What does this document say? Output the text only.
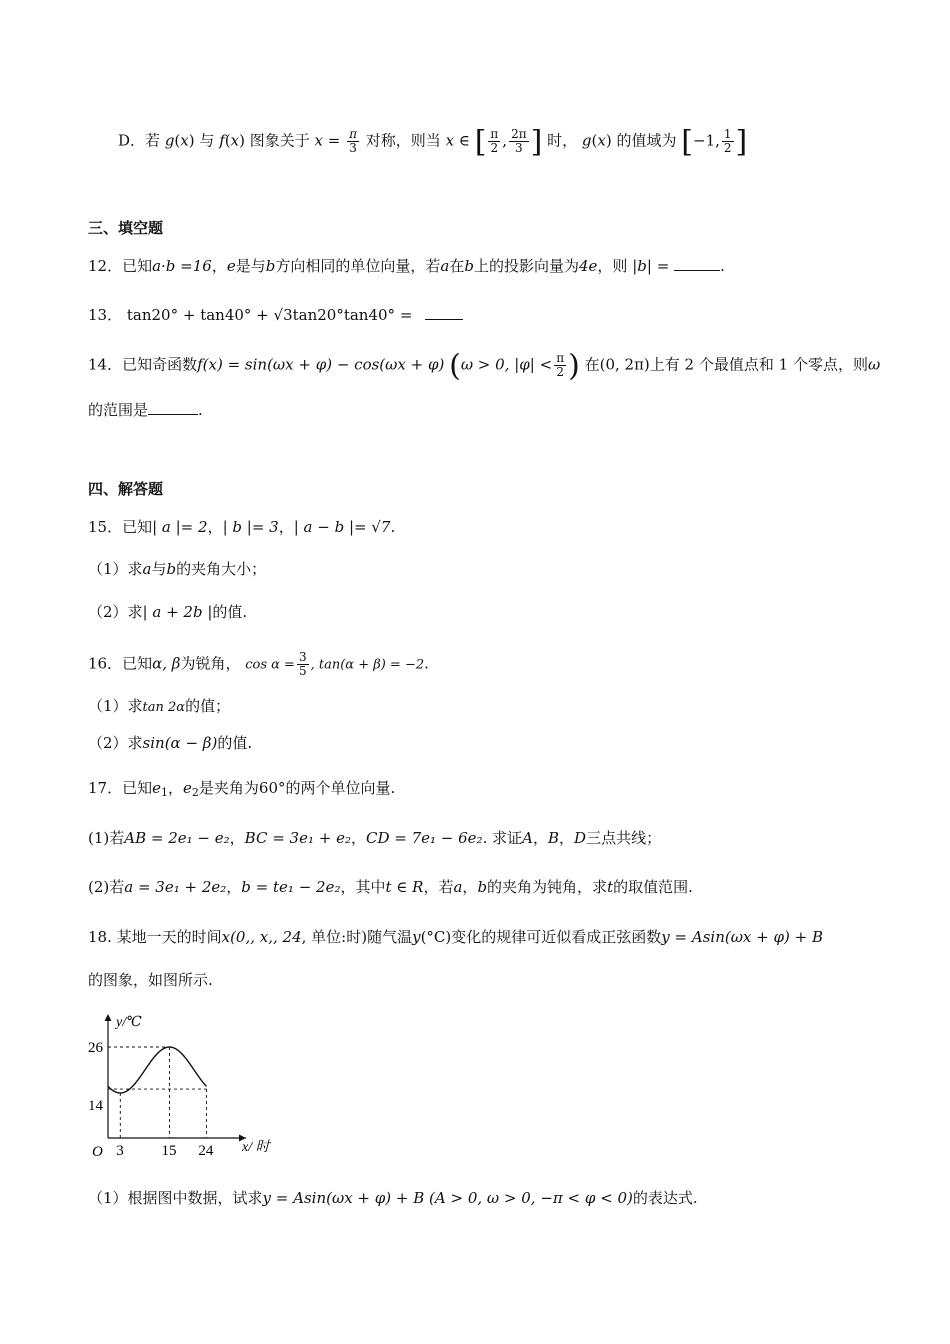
D．若 g(x) 与 f(x) 图象关于 $x = \frac{\pi}{3}$ 对称，则当 x ∈ [ $\frac{\pi}{2}$ , $\frac{2\pi}{3}$ ] 时， g(x) 的值域为 [−1, $\frac{1}{2}$ ]
三、填空题
12．已知a·b =16，e是与b方向相同的单位向量，若a在b上的投影向量为4e，则 |b| =	.
13． tan20° + tan40° + √3tan20°tan40° =
14．已知奇函数f(x) = sin(ωx + φ) − cos(ωx + φ) (ω > 0, $|\varphi| < \frac{\pi}{2}$ ) 在(0, 2π)上有 2 个最值点和 1 个零点，则ω
的范围是	.
四、解答题
15．已知| a |= 2，| b |= 3，| a − b |= √7.
（1）求a与b的夹角大小；
（2）求| a + 2b |的值.
16．已知α, β为锐角， $\cos \alpha = \frac{3}{5}$ , tan(α + β) = −2.
（1）求tan 2α的值；
（2）求sin(α − β)的值.
17．已知$e_1$，$e_2$是夹角为60°的两个单位向量.
(1)若AB = 2e₁ − e₂，BC = 3e₁ + e₂，CD = 7e₁ − 6e₂. 求证A，B，D三点共线；
(2)若a = 3e₁ + 2e₂，b = te₁ − 2e₂，其中t ∈ R，若a，b的夹角为钝角，求t的取值范围.
18. 某地一天的时间x(0,, x,, 24, 单位:时)随气温y(°C)变化的规律可近似看成正弦函数y = Asin(ωx + φ) + B
的图象，如图所示.
y/℃
x/ 时
O 3	15 24
26
14
（1）根据图中数据，试求y = Asin(ωx + φ) + B (A > 0, ω > 0, −π < φ < 0)的表达式.
